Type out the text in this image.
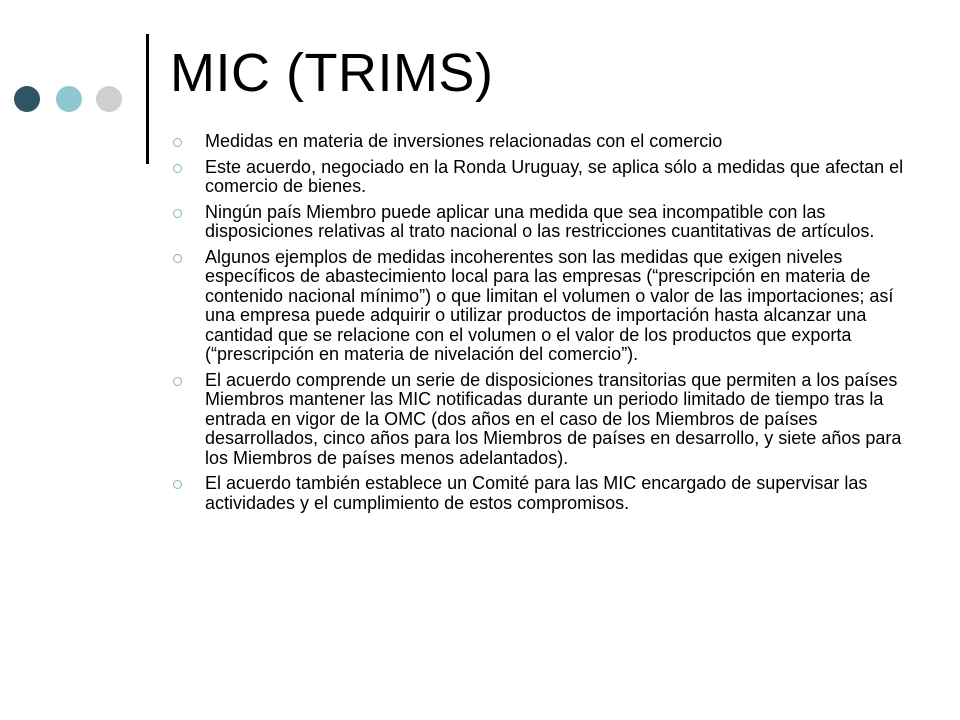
MIC (TRIMS)
Medidas en materia de inversiones relacionadas con el comercio
Este acuerdo, negociado en la Ronda Uruguay, se aplica sólo a medidas que afectan el comercio de bienes.
Ningún país Miembro puede aplicar una medida que sea incompatible con las disposiciones relativas al trato nacional o las restricciones cuantitativas de artículos.
Algunos ejemplos de medidas incoherentes son las medidas que exigen niveles específicos de abastecimiento local para las empresas (“prescripción en materia de contenido nacional mínimo”) o que limitan el volumen o valor de las importaciones; así una empresa puede adquirir o utilizar productos de importación hasta alcanzar una cantidad que se relacione con el volumen o el valor de los productos que exporta (“prescripción en materia de nivelación del comercio”).
El acuerdo comprende un serie de disposiciones transitorias que permiten a los países Miembros mantener las MIC notificadas durante un periodo limitado de tiempo tras la entrada en vigor de la OMC (dos años en el caso de los Miembros de países desarrollados, cinco años para los Miembros de países en desarrollo, y siete años para los Miembros de países menos adelantados).
El acuerdo también establece un Comité para las MIC encargado de supervisar las actividades y el cumplimiento de estos compromisos.
